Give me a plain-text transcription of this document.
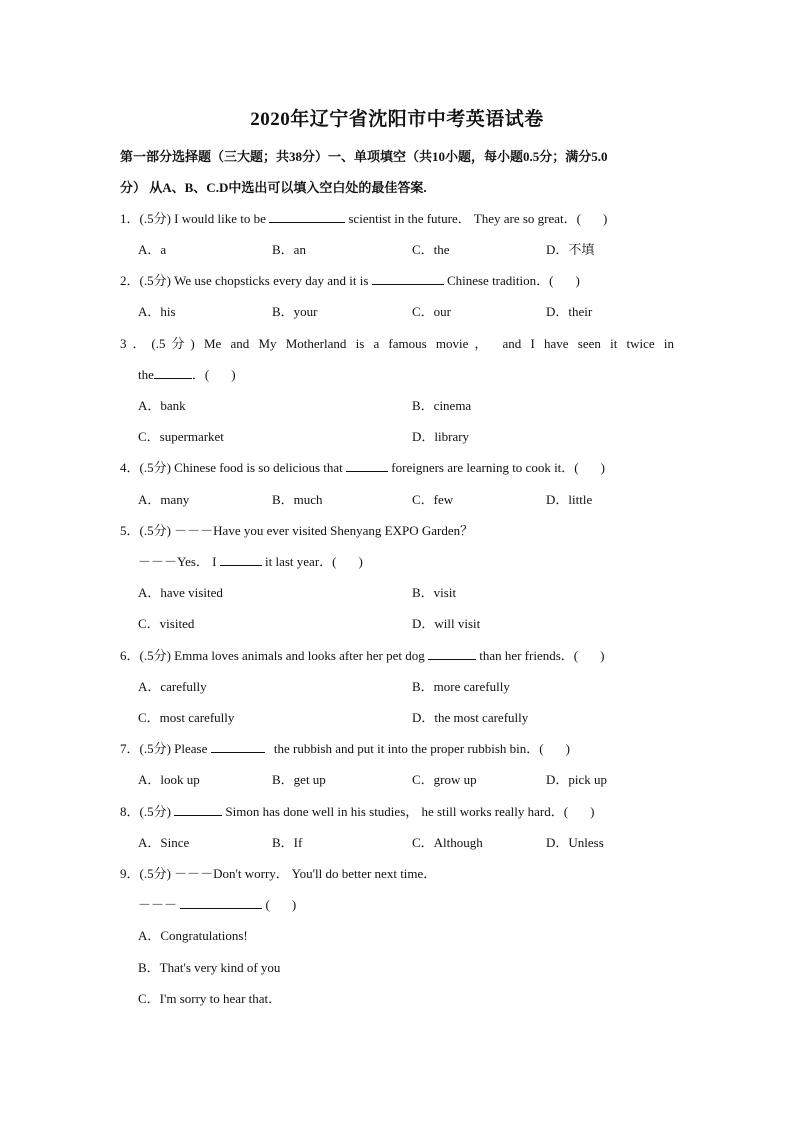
2020年辽宁省沈阳市中考英语试卷
第一部分选择题（三大题；共38分）一、单项填空（共10小题，每小题0.5分；满分5.0
分） 从A、B、C.D中选出可以填入空白处的最佳答案.
1．(.5分) I would like to be	scientist in the future． They are so great．( )
A．a	B．an	C．the	D．不填
2．(.5分) We use chopsticks every day and it is	Chinese tradition．( )
A．his	B．your	C．our	D．their
3．(.5分) Me and My Motherland is a famous movie， and I have seen it twice in
the	．( )
A．bank	B．cinema
C．supermarket	D．library
4．(.5分) Chinese food is so delicious that	foreigners are learning to cook it．( )
A．many	B．much	C．few	D．little
5．(.5分) －－－Have you ever visited Shenyang EXPO Garden？
－－－Yes． I	it last year．( )
A．have visited	B．visit
C．visited	D．will visit
6．(.5分) Emma loves animals and looks after her pet dog	than her friends．( )
A．carefully	B．more carefully
C．most carefully	D．the most carefully
7．(.5分) Please	the rubbish and put it into the proper rubbish bin．( )
A．look up	B．get up	C．grow up	D．pick up
8．(.5分)	Simon has done well in his studies， he still works really hard．( )
A．Since	B．If	C．Although	D．Unless
9．(.5分) －－－Don't worry． You'll do better next time．
－－－	( )
A．Congratulations!
B．That's very kind of you
C．I'm sorry to hear that．
